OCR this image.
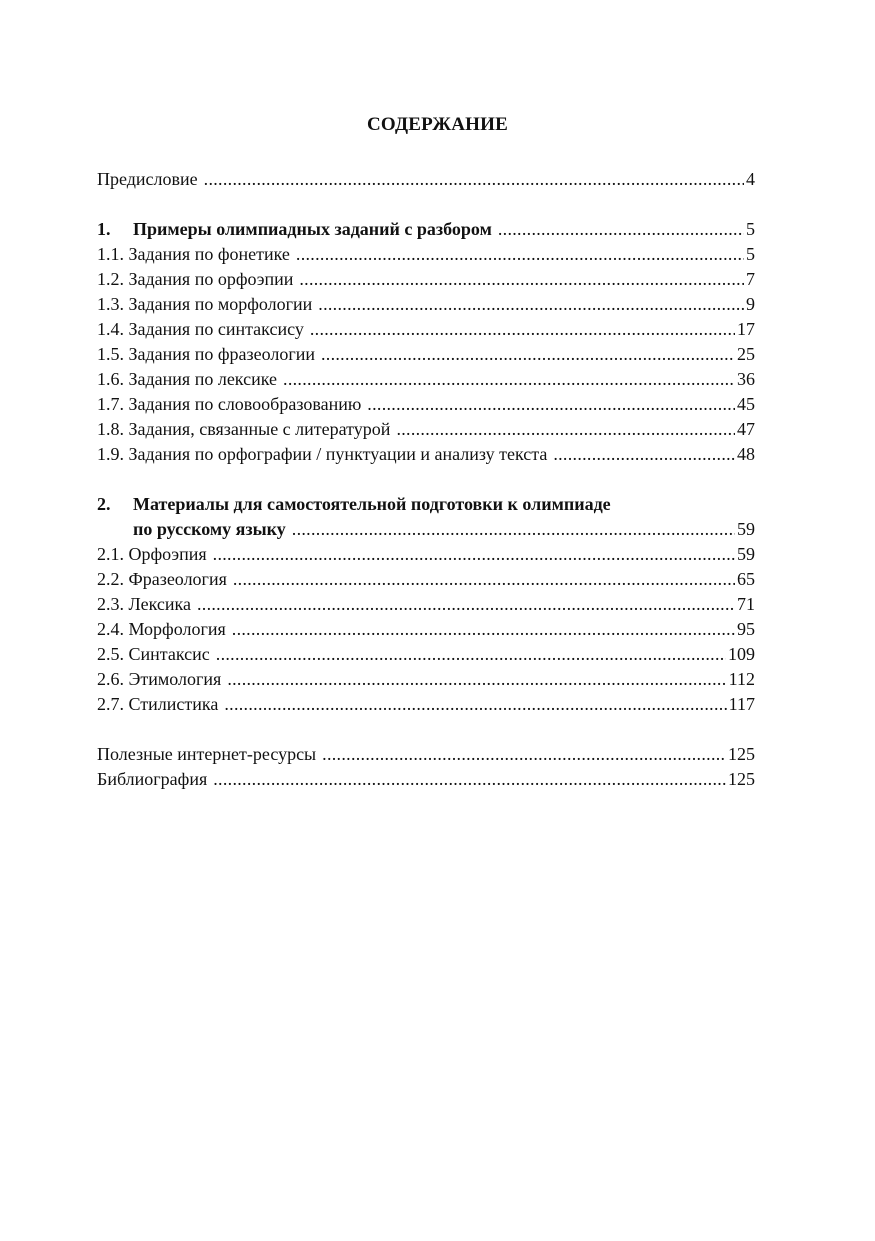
СОДЕРЖАНИЕ
Предисловие .....	4
1.	Примеры олимпиадных заданий с разбором .....	5
1.1. Задания по фонетике .....	5
1.2. Задания по орфоэпии .....	7
1.3. Задания по морфологии .....	9
1.4. Задания по синтаксису .....	17
1.5. Задания по фразеологии .....	25
1.6. Задания по лексике .....	36
1.7. Задания по словообразованию .....	45
1.8. Задания, связанные с литературой .....	47
1.9. Задания по орфографии / пунктуации и анализу текста .....	48
2.	Материалы для самостоятельной подготовки к олимпиаде
по русскому языку .....	59
2.1. Орфоэпия .....	59
2.2. Фразеология .....	65
2.3. Лексика .....	71
2.4. Морфология .....	95
2.5. Синтаксис .....	109
2.6. Этимология .....	112
2.7. Стилистика .....	117
Полезные интернет-ресурсы .....	125
Библиография .....	125
